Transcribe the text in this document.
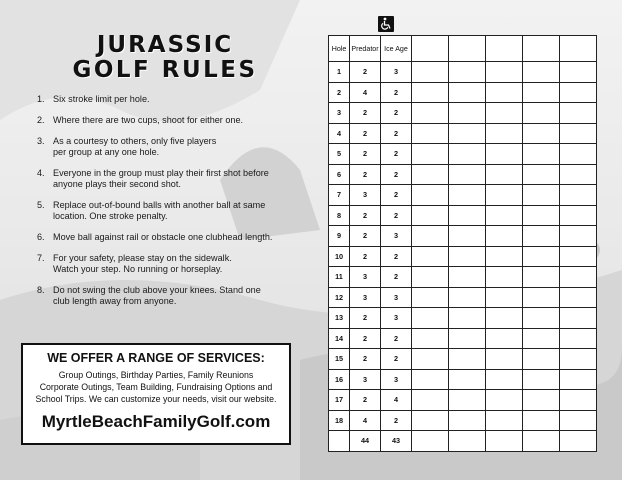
JURASSIC
GOLF RULES
1. Six stroke limit per hole.
2. Where there are two cups, shoot for either one.
3. As a courtesy to others, only five players per group at any one hole.
4. Everyone in the group must play their first shot before anyone plays their second shot.
5. Replace out-of-bound balls with another ball at same location. One stroke penalty.
6. Move ball against rail or obstacle one clubhead length.
7. For your safety, please stay on the sidewalk. Watch your step. No running or horseplay.
8. Do not swing the club above your knees. Stand one club length away from anyone.
WE OFFER A RANGE OF SERVICES:
Group Outings, Birthday Parties, Family Reunions
Corporate Outings, Team Building, Fundraising Options and
School Trips. We can customize your needs, visit our website.
MyrtleBeachFamilyGolf.com
Hole	Predator	Ice Age					
1	2	3					
2	4	2					
3	2	2					
4	2	2					
5	2	2					
6	2	2					
7	3	2					
8	2	2					
9	2	3					
10	2	2					
11	3	2					
12	3	3					
13	2	3					
14	2	2					
15	2	2					
16	3	3					
17	2	4					
18	4	2					
	44	43					
